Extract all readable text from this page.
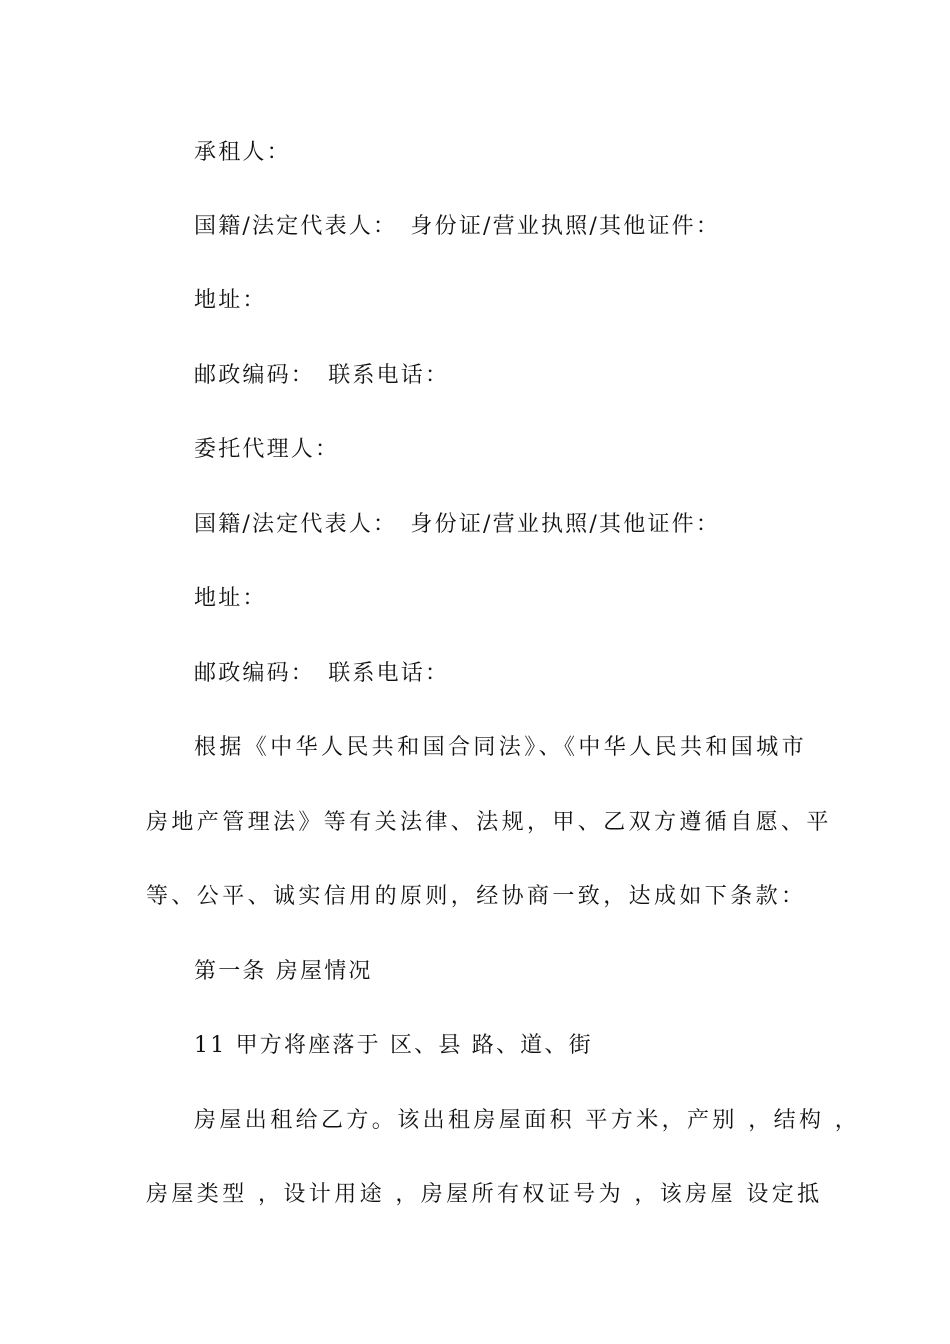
承租人：
国籍/法定代表人：　身份证/营业执照/其他证件：
地址：
邮政编码：　联系电话：
委托代理人：
国籍/法定代表人：　身份证/营业执照/其他证件：
地址：
邮政编码：　联系电话：
根据《中华人民共和国合同法》、《中华人民共和国城市
房地产管理法》等有关法律、法规，甲、乙双方遵循自愿、平
等、公平、诚实信用的原则，经协商一致，达成如下条款：
第一条 房屋情况
11 甲方将座落于 区、县 路、道、街
房屋出租给乙方。该出租房屋面积 平方米，产别 ，结构 ，
房屋类型 ，设计用途 ，房屋所有权证号为 ，该房屋 设定抵
